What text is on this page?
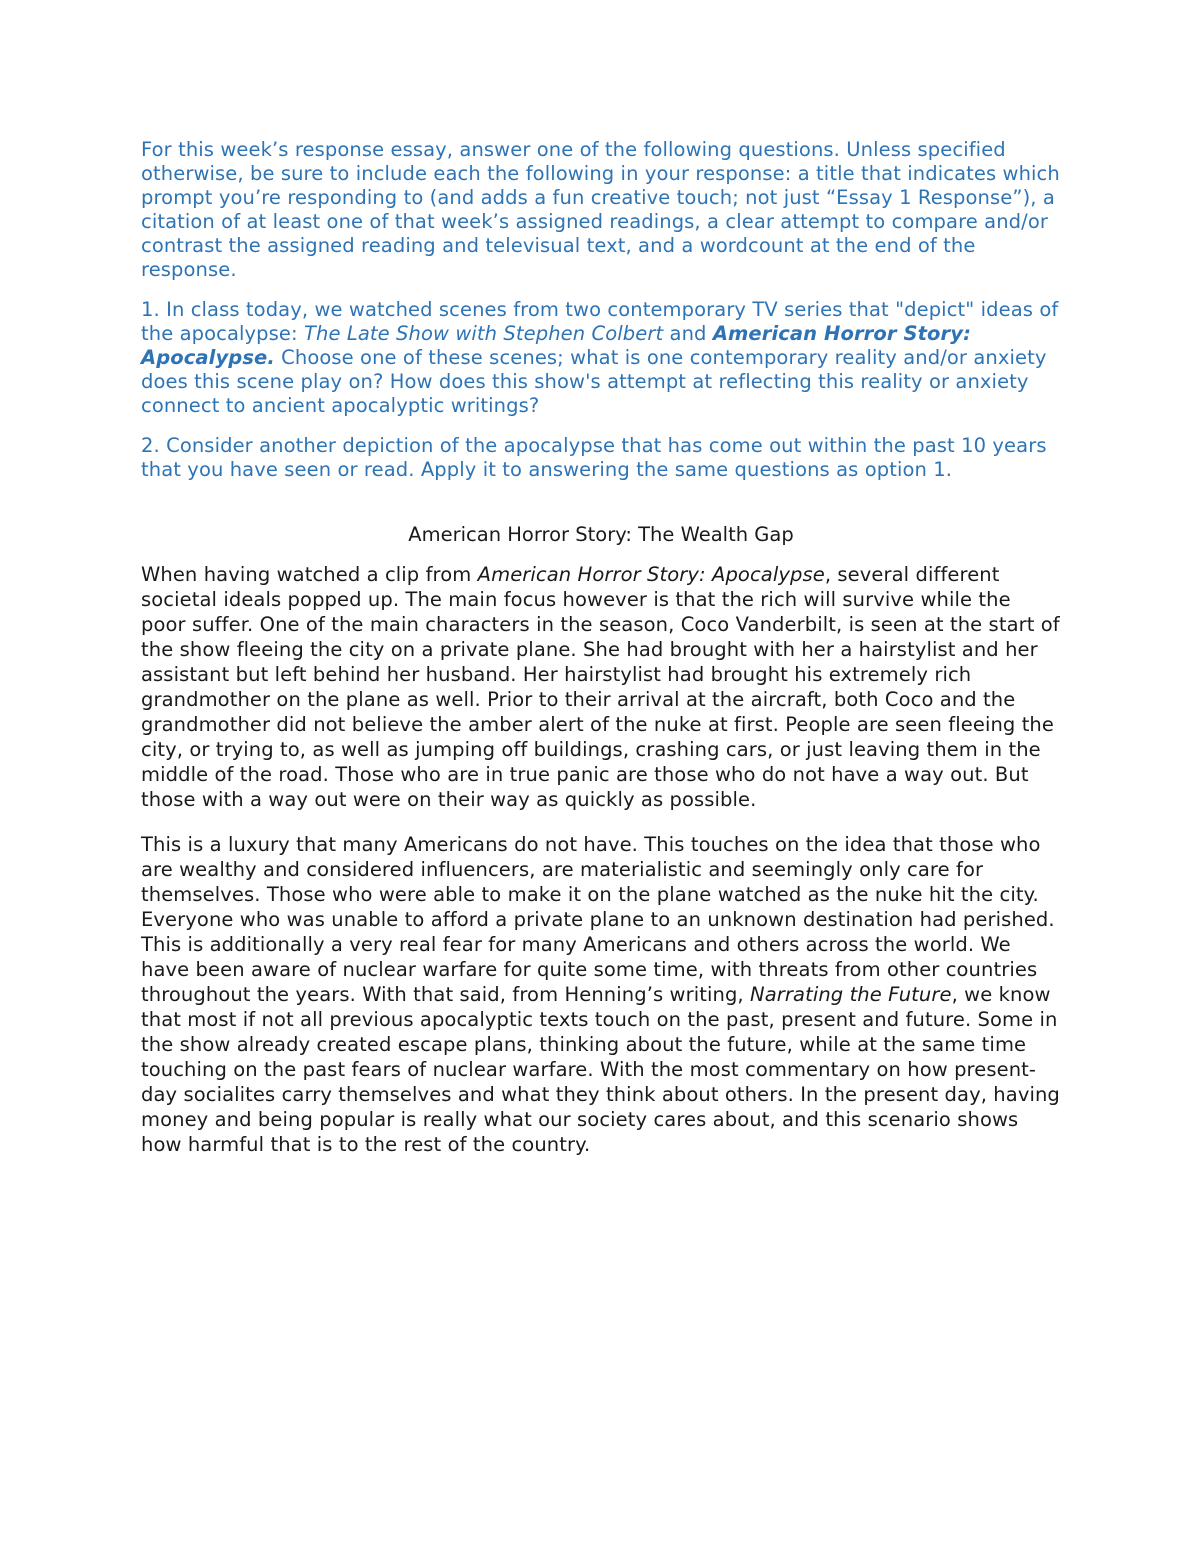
For this week’s response essay, answer one of the following questions. Unless specified otherwise, be sure to include each the following in your response: a title that indicates which prompt you’re responding to (and adds a fun creative touch; not just “Essay 1 Response”), a citation of at least one of that week’s assigned readings, a clear attempt to compare and/or contrast the assigned reading and televisual text, and a wordcount at the end of the response.

1. In class today, we watched scenes from two contemporary TV series that "depict" ideas of the apocalypse: The Late Show with Stephen Colbert and American Horror Story: Apocalypse. Choose one of these scenes; what is one contemporary reality and/or anxiety does this scene play on? How does this show's attempt at reflecting this reality or anxiety connect to ancient apocalyptic writings?

2. Consider another depiction of the apocalypse that has come out within the past 10 years that you have seen or read. Apply it to answering the same questions as option 1.

American Horror Story: The Wealth Gap

When having watched a clip from American Horror Story: Apocalypse, several different societal ideals popped up. The main focus however is that the rich will survive while the poor suffer. One of the main characters in the season, Coco Vanderbilt, is seen at the start of the show fleeing the city on a private plane. She had brought with her a hairstylist and her assistant but left behind her husband. Her hairstylist had brought his extremely rich grandmother on the plane as well. Prior to their arrival at the aircraft, both Coco and the grandmother did not believe the amber alert of the nuke at first. People are seen fleeing the city, or trying to, as well as jumping off buildings, crashing cars, or just leaving them in the middle of the road. Those who are in true panic are those who do not have a way out. But those with a way out were on their way as quickly as possible.

This is a luxury that many Americans do not have. This touches on the idea that those who are wealthy and considered influencers, are materialistic and seemingly only care for themselves. Those who were able to make it on the plane watched as the nuke hit the city. Everyone who was unable to afford a private plane to an unknown destination had perished. This is additionally a very real fear for many Americans and others across the world. We have been aware of nuclear warfare for quite some time, with threats from other countries throughout the years. With that said, from Henning’s writing, Narrating the Future, we know that most if not all previous apocalyptic texts touch on the past, present and future. Some in the show already created escape plans, thinking about the future, while at the same time touching on the past fears of nuclear warfare. With the most commentary on how present-day socialites carry themselves and what they think about others. In the present day, having money and being popular is really what our society cares about, and this scenario shows how harmful that is to the rest of the country.
